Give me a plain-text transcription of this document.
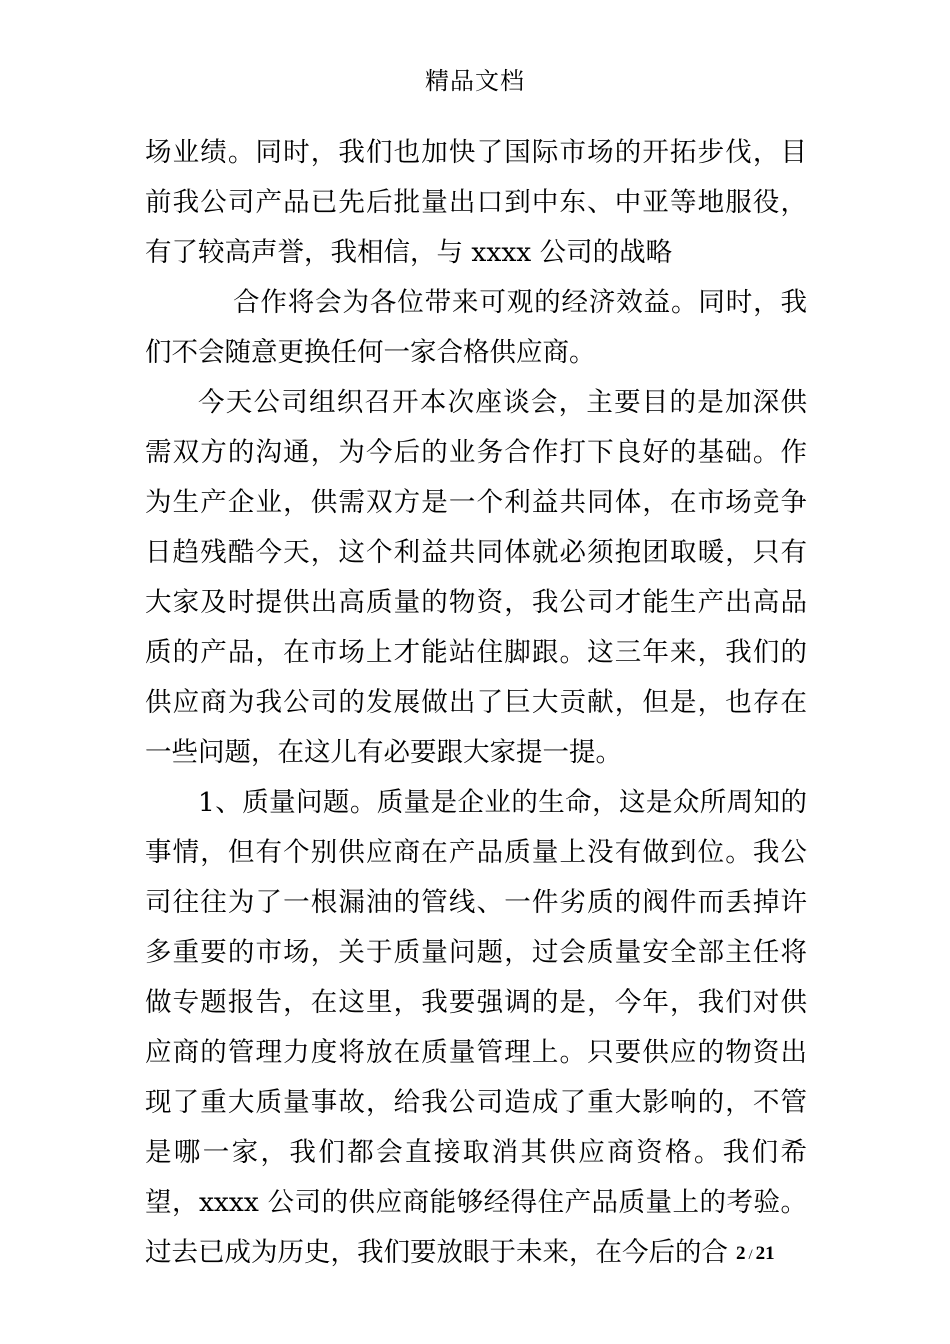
精品文档

场业绩。同时，我们也加快了国际市场的开拓步伐，目前我公司产品已先后批量出口到中东、中亚等地服役，有了较高声誉，我相信，与 xxxx 公司的战略

合作将会为各位带来可观的经济效益。同时，我们不会随意更换任何一家合格供应商。

今天公司组织召开本次座谈会，主要目的是加深供需双方的沟通，为今后的业务合作打下良好的基础。作为生产企业，供需双方是一个利益共同体，在市场竞争日趋残酷今天，这个利益共同体就必须抱团取暖，只有大家及时提供出高质量的物资，我公司才能生产出高品质的产品，在市场上才能站住脚跟。这三年来，我们的供应商为我公司的发展做出了巨大贡献，但是，也存在一些问题，在这儿有必要跟大家提一提。

1、质量问题。质量是企业的生命，这是众所周知的事情，但有个别供应商在产品质量上没有做到位。我公司往往为了一根漏油的管线、一件劣质的阀件而丢掉许多重要的市场，关于质量问题，过会质量安全部主任将做专题报告，在这里，我要强调的是，今年，我们对供应商的管理力度将放在质量管理上。只要供应的物资出现了重大质量事故，给我公司造成了重大影响的，不管是哪一家，我们都会直接取消其供应商资格。我们希望，xxxx 公司的供应商能够经得住产品质量上的考验。过去已成为历史，我们要放眼于未来，在今后的合 2 / 21
